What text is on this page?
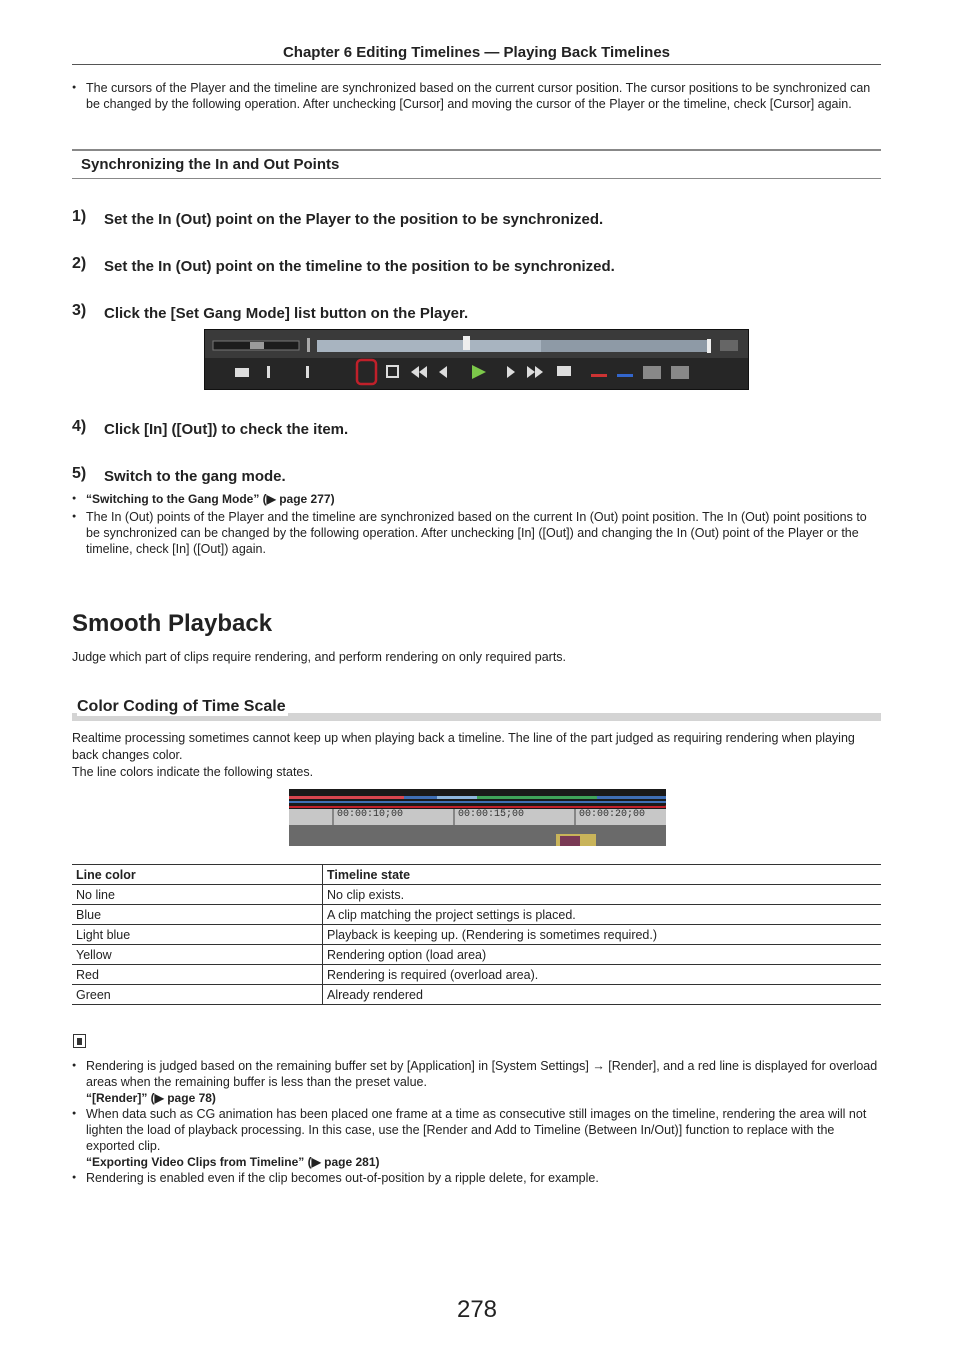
Chapter 6 Editing Timelines — Playing Back Timelines
● The cursors of the Player and the timeline are synchronized based on the current cursor position. The cursor positions to be synchronized can be changed by the following operation. After unchecking [Cursor] and moving the cursor of the Player or the timeline, check [Cursor] again.
Synchronizing the In and Out Points
1) Set the In (Out) point on the Player to the position to be synchronized.
2) Set the In (Out) point on the timeline to the position to be synchronized.
3) Click the [Set Gang Mode] list button on the Player.
4) Click [In] ([Out]) to check the item.
5) Switch to the gang mode.
● “Switching to the Gang Mode” (▶ page 277)
● The In (Out) points of the Player and the timeline are synchronized based on the current In (Out) point position. The In (Out) point positions to be synchronized can be changed by the following operation. After unchecking [In] ([Out]) and changing the In (Out) point of the Player or the timeline, check [In] ([Out]) again.
Smooth Playback
Judge which part of clips require rendering, and perform rendering on only required parts.
Color Coding of Time Scale
Realtime processing sometimes cannot keep up when playing back a timeline. The line of the part judged as requiring rendering when playing back changes color.
The line colors indicate the following states.
00:00:10;00	00:00:15;00	00:00:20;00
Line color	Timeline state
No line	No clip exists.
Blue	A clip matching the project settings is placed.
Light blue	Playback is keeping up. (Rendering is sometimes required.)
Yellow	Rendering option (load area)
Red	Rendering is required (overload area).
Green	Already rendered
● Rendering is judged based on the remaining buffer set by [Application] in [System Settings] → [Render], and a red line is displayed for overload areas when the remaining buffer is less than the preset value.
“[Render]” (▶ page 78)
● When data such as CG animation has been placed one frame at a time as consecutive still images on the timeline, rendering the area will not lighten the load of playback processing. In this case, use the [Render and Add to Timeline (Between In/Out)] function to replace with the exported clip.
“Exporting Video Clips from Timeline” (▶ page 281)
● Rendering is enabled even if the clip becomes out-of-position by a ripple delete, for example.
278
